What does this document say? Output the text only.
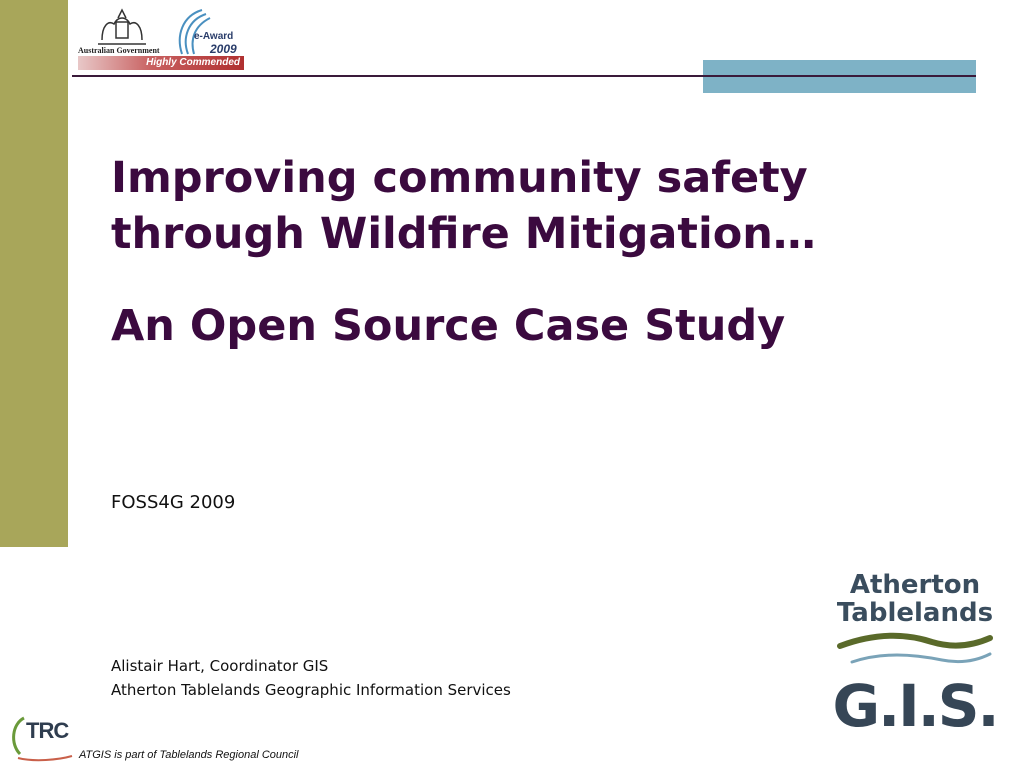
Australian Government
e-Award
2009
Highly Commended
Improving community safety
through Wildfire Mitigation…
An Open Source Case Study
FOSS4G 2009
Alistair Hart, Coordinator GIS
Atherton Tablelands Geographic Information Services
TRC
ATGIS is part of Tablelands Regional Council
Atherton
Tablelands
G.I.S.
